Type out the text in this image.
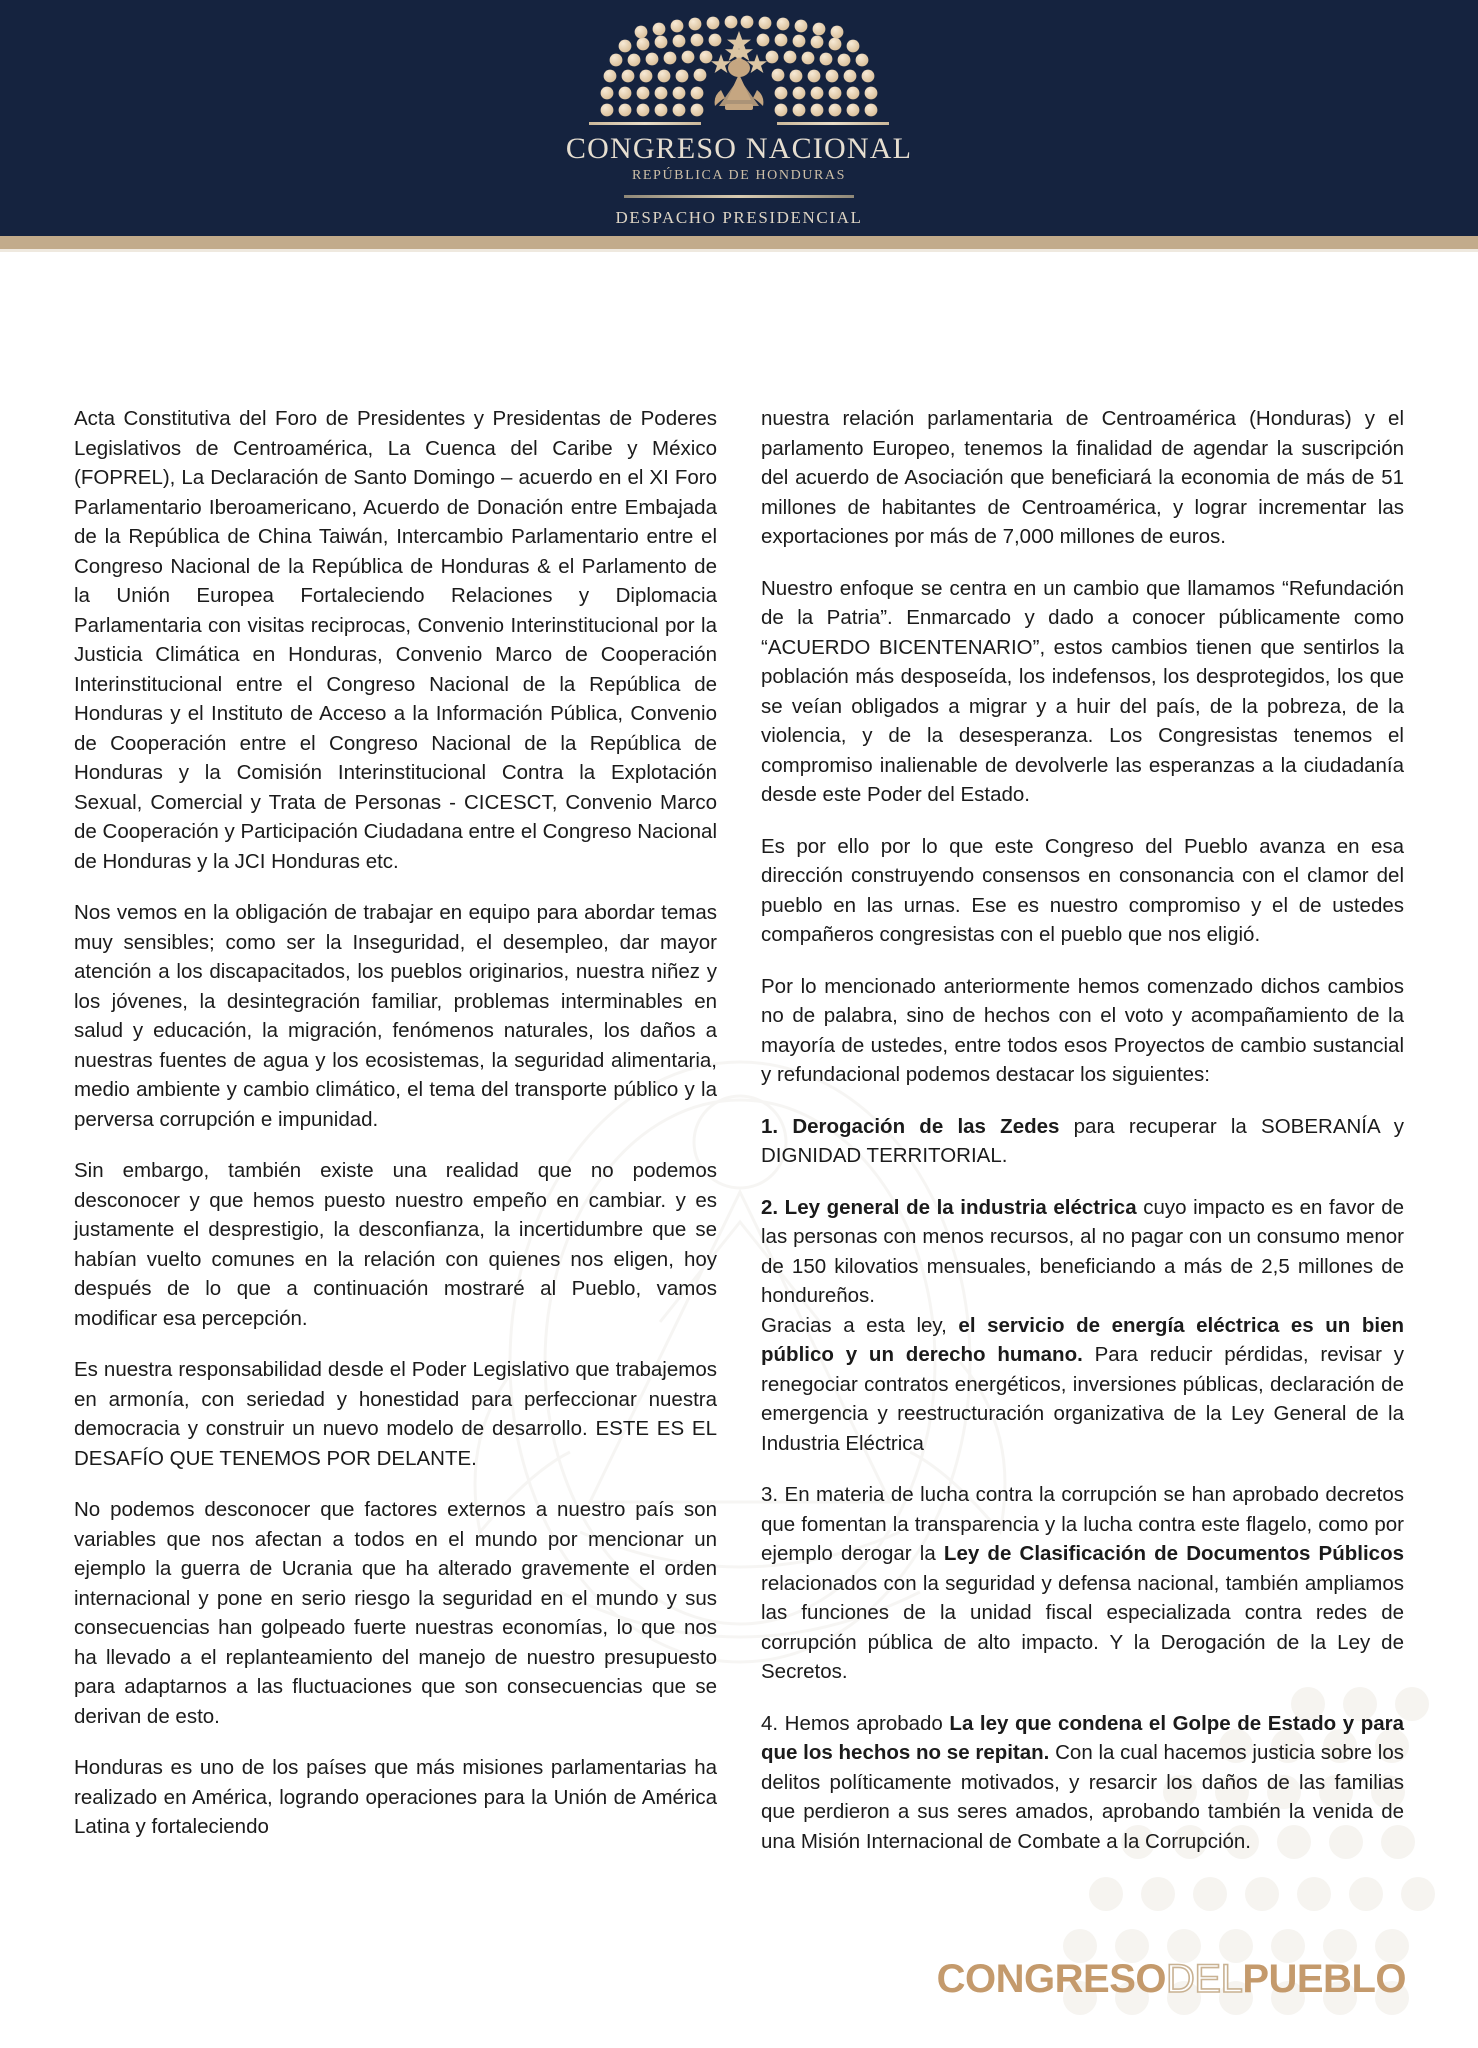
CONGRESO NACIONAL
REPÚBLICA DE HONDURAS
DESPACHO PRESIDENCIAL

Acta Constitutiva del Foro de Presidentes y Presidentas de Poderes Legislativos de Centroamérica, La Cuenca del Caribe y México (FOPREL), La Declaración de Santo Domingo – acuerdo en el XI Foro Parlamentario Iberoamericano, Acuerdo de Donación entre Embajada de la República de China Taiwán, Intercambio Parlamentario entre el Congreso Nacional de la República de Honduras & el Parlamento de la Unión Europea Fortaleciendo Relaciones y Diplomacia Parlamentaria con visitas reciprocas, Convenio Interinstitucional por la Justicia Climática en Honduras, Convenio Marco de Cooperación Interinstitucional entre el Congreso Nacional de la República de Honduras y el Instituto de Acceso a la Información Pública, Convenio de Cooperación entre el Congreso Nacional de la República de Honduras y la Comisión Interinstitucional Contra la Explotación Sexual, Comercial y Trata de Personas - CICESCT, Convenio Marco de Cooperación y Participación Ciudadana entre el Congreso Nacional de Honduras y la JCI Honduras etc.

Nos vemos en la obligación de trabajar en equipo para abordar temas muy sensibles; como ser la Inseguridad, el desempleo, dar mayor atención a los discapacitados, los pueblos originarios, nuestra niñez y los jóvenes, la desintegración familiar, problemas interminables en salud y educación, la migración, fenómenos naturales, los daños a nuestras fuentes de agua y los ecosistemas, la seguridad alimentaria, medio ambiente y cambio climático, el tema del transporte público y la perversa corrupción e impunidad.

Sin embargo, también existe una realidad que no podemos desconocer y que hemos puesto nuestro empeño en cambiar. y es justamente el desprestigio, la desconfianza, la incertidumbre que se habían vuelto comunes en la relación con quienes nos eligen, hoy después de lo que a continuación mostraré al Pueblo, vamos modificar esa percepción.

Es nuestra responsabilidad desde el Poder Legislativo que trabajemos en armonía, con seriedad y honestidad para perfeccionar nuestra democracia y construir un nuevo modelo de desarrollo. ESTE ES EL DESAFÍO QUE TENEMOS POR DELANTE.

No podemos desconocer que factores externos a nuestro país son variables que nos afectan a todos en el mundo por mencionar un ejemplo la guerra de Ucrania que ha alterado gravemente el orden internacional y pone en serio riesgo la seguridad en el mundo y sus consecuencias han golpeado fuerte nuestras economías, lo que nos ha llevado a el replanteamiento del manejo de nuestro presupuesto para adaptarnos a las fluctuaciones que son consecuencias que se derivan de esto.

Honduras es uno de los países que más misiones parlamentarias ha realizado en América, logrando operaciones para la Unión de América Latina y fortaleciendo

nuestra relación parlamentaria de Centroamérica (Honduras) y el parlamento Europeo, tenemos la finalidad de agendar la suscripción del acuerdo de Asociación que beneficiará la economia de más de 51 millones de habitantes de Centroamérica, y lograr incrementar las exportaciones por más de 7,000 millones de euros.

Nuestro enfoque se centra en un cambio que llamamos “Refundación de la Patria”. Enmarcado y dado a conocer públicamente como “ACUERDO BICENTENARIO”, estos cambios tienen que sentirlos la población más desposeída, los indefensos, los desprotegidos, los que se veían obligados a migrar y a huir del país, de la pobreza, de la violencia, y de la desesperanza. Los Congresistas tenemos el compromiso inalienable de devolverle las esperanzas a la ciudadanía desde este Poder del Estado.

Es por ello por lo que este Congreso del Pueblo avanza en esa dirección construyendo consensos en consonancia con el clamor del pueblo en las urnas. Ese es nuestro compromiso y el de ustedes compañeros congresistas con el pueblo que nos eligió.

Por lo mencionado anteriormente hemos comenzado dichos cambios no de palabra, sino de hechos con el voto y acompañamiento de la mayoría de ustedes, entre todos esos Proyectos de cambio sustancial y refundacional podemos destacar los siguientes:

1. Derogación de las Zedes para recuperar la SOBERANÍA y DIGNIDAD TERRITORIAL.

2. Ley general de la industria eléctrica cuyo impacto es en favor de las personas con menos recursos, al no pagar con un consumo menor de 150 kilovatios mensuales, beneficiando a más de 2,5 millones de hondureños.

Gracias a esta ley, el servicio de energía eléctrica es un bien público y un derecho humano. Para reducir pérdidas, revisar y renegociar contratos energéticos, inversiones públicas, declaración de emergencia y reestructuración organizativa de la Ley General de la Industria Eléctrica

3. En materia de lucha contra la corrupción se han aprobado decretos que fomentan la transparencia y la lucha contra este flagelo, como por ejemplo derogar la Ley de Clasificación de Documentos Públicos relacionados con la seguridad y defensa nacional, también ampliamos las funciones de la unidad fiscal especializada contra redes de corrupción pública de alto impacto. Y la Derogación de la Ley de Secretos.

4. Hemos aprobado La ley que condena el Golpe de Estado y para que los hechos no se repitan. Con la cual hacemos justicia sobre los delitos políticamente motivados, y resarcir los daños de las familias que perdieron a sus seres amados, aprobando también la venida de una Misión Internacional de Combate a la Corrupción.

CONGRESODELPUEBLO
